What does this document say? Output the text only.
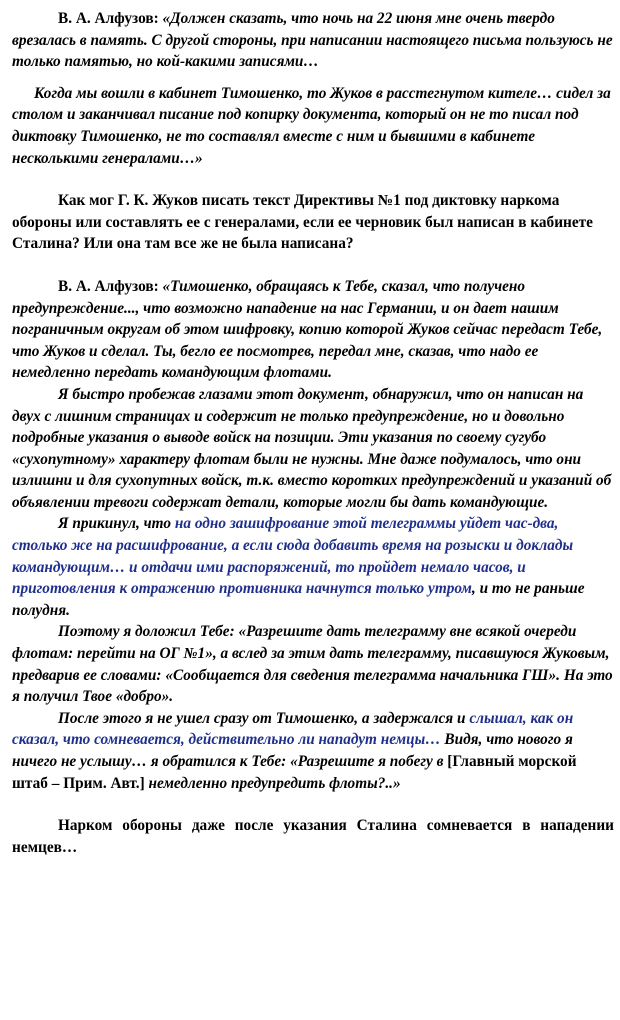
В. А. Алфузов: «Должен сказать, что ночь на 22 июня мне очень твердо врезалась в память. С другой стороны, при написании настоящего письма пользуюсь не только памятью, но кой-какими записями…

Когда мы вошли в кабинет Тимошенко, то Жуков в расстегнутом кителе… сидел за столом и заканчивал писание под копирку документа, который он не то писал под диктовку Тимошенко, не то составлял вместе с ним и бывшими в кабинете несколькими генералами…»

Как мог Г. К. Жуков писать текст Директивы №1 под диктовку наркома обороны или составлять ее с генералами, если ее черновик был написан в кабинете Сталина? Или она там все же не была написана?

В. А. Алфузов: «Тимошенко, обращаясь к Тебе, сказал, что получено предупреждение..., что возможно нападение на нас Германии, и он дает нашим пограничным округам об этом шифровку, копию которой Жуков сейчас передаст Тебе, что Жуков и сделал. Ты, бегло ее посмотрев, передал мне, сказав, что надо ее немедленно передать командующим флотами.

Я быстро пробежав глазами этот документ, обнаружил, что он написан на двух с лишним страницах и содержит не только предупреждение, но и довольно подробные указания о выводе войск на позиции. Эти указания по своему сугубо «сухопутному» характеру флотам были не нужны. Мне даже подумалось, что они излишни и для сухопутных войск, т.к. вместо коротких предупреждений и указаний об объявлении тревоги содержат детали, которые могли бы дать командующие.

Я прикинул, что на одно зашифрование этой телеграммы уйдет час-два, столько же на расшифрование, а если сюда добавить время на розыски и доклады командующим… и отдачи ими распоряжений, то пройдет немало часов, и приготовления к отражению противника начнутся только утром, и то не раньше полудня.

Поэтому я доложил Тебе: «Разрешите дать телеграмму вне всякой очереди флотам: перейти на ОГ №1», а вслед за этим дать телеграмму, писавшуюся Жуковым, предварив ее словами: «Сообщается для сведения телеграмма начальника ГШ». На это я получил Твое «добро».

После этого я не ушел сразу от Тимошенко, а задержался и слышал, как он сказал, что сомневается, действительно ли нападут немцы… Видя, что нового я ничего не услышу… я обратился к Тебе: «Разрешите я побегу в [Главный морской штаб – Прим. Авт.] немедленно предупредить флоты?..»

Нарком обороны даже после указания Сталина сомневается в нападении немцев…
